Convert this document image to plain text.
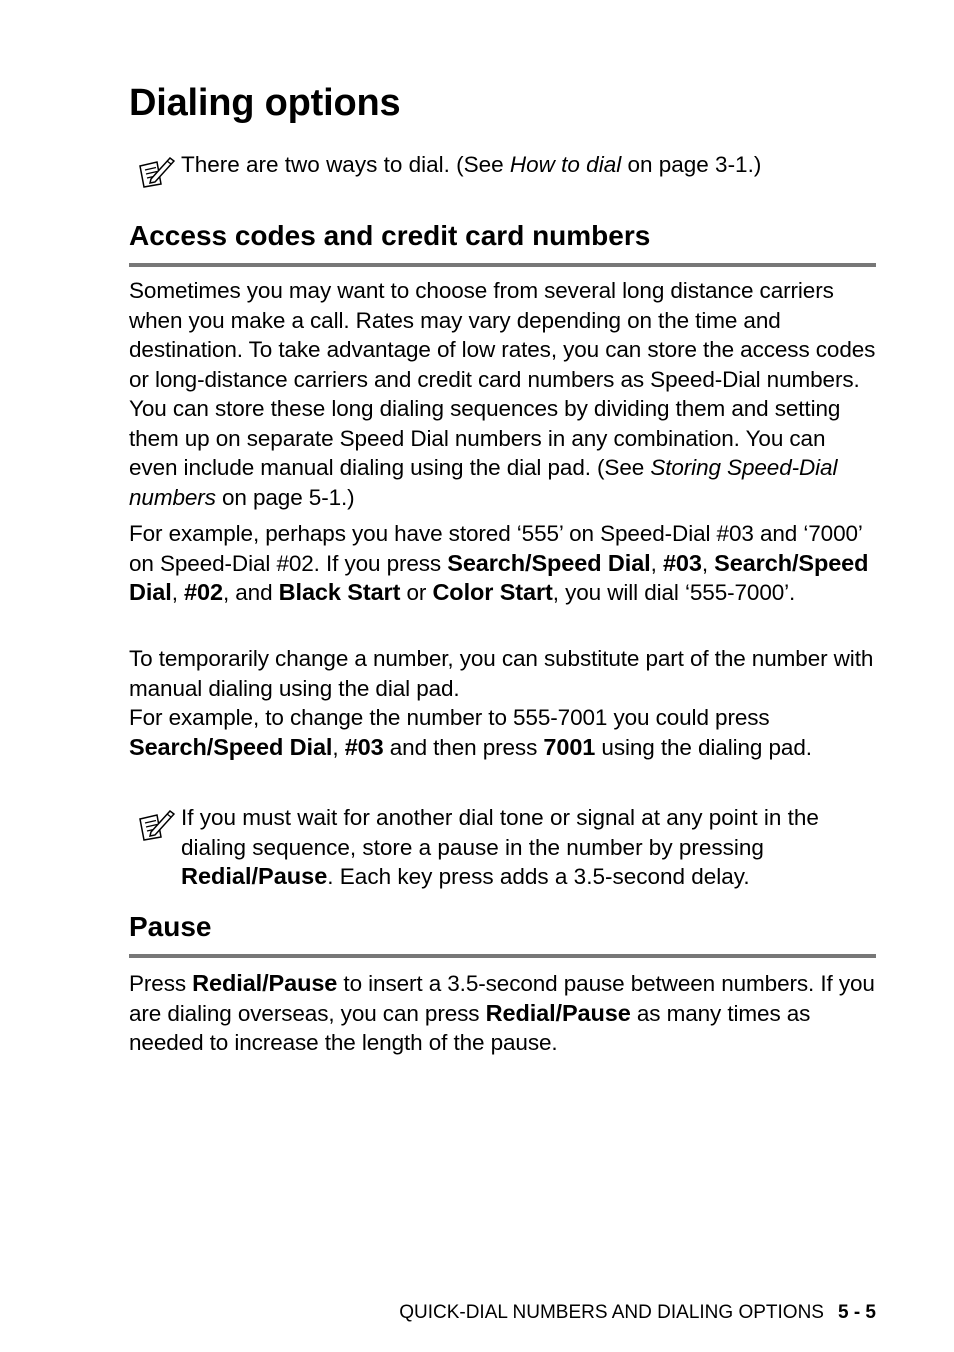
Dialing options
There are two ways to dial. (See How to dial on page 3-1.)
Access codes and credit card numbers

Sometimes you may want to choose from several long distance carriers when you make a call. Rates may vary depending on the time and destination. To take advantage of low rates, you can store the access codes or long-distance carriers and credit card numbers as Speed-Dial numbers. You can store these long dialing sequences by dividing them and setting them up on separate Speed Dial numbers in any combination. You can even include manual dialing using the dial pad. (See Storing Speed-Dial numbers on page 5-1.)

For example, perhaps you have stored ‘555’ on Speed-Dial #03 and ‘7000’ on Speed-Dial #02. If you press Search/Speed Dial, #03, Search/Speed Dial, #02, and Black Start or Color Start, you will dial ‘555-7000’.

To temporarily change a number, you can substitute part of the number with manual dialing using the dial pad.
For example, to change the number to 555-7001 you could press Search/Speed Dial, #03 and then press 7001 using the dialing pad.

If you must wait for another dial tone or signal at any point in the dialing sequence, store a pause in the number by pressing Redial/Pause. Each key press adds a 3.5-second delay.
Pause

Press Redial/Pause to insert a 3.5-second pause between numbers. If you are dialing overseas, you can press Redial/Pause as many times as needed to increase the length of the pause.

QUICK-DIAL NUMBERS AND DIALING OPTIONS 5 - 5
